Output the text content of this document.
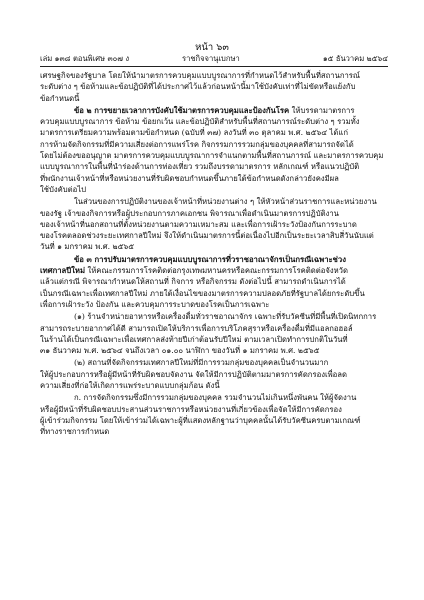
หน้า ๖๓
เล่ม ๑๓๘ ตอนพิเศษ ๓๐๗ ง	ราชกิจจานุเบกษา	๑๕ ธันวาคม ๒๕๖๔

เศรษฐกิจของรัฐบาล โดยให้นำมาตรการควบคุมแบบบูรณาการที่กำหนดไว้สำหรับพื้นที่สถานการณ์
ระดับต่าง ๆ ข้อห้ามและข้อปฏิบัติที่ได้ประกาศไว้แล้วก่อนหน้านี้มาใช้บังคับเท่าที่ไม่ขัดหรือแย้งกับ
ข้อกำหนดนี้

ข้อ ๒ การขยายเวลาการบังคับใช้มาตรการควบคุมและป้องกันโรค ให้บรรดามาตรการ
ควบคุมแบบบูรณาการ ข้อห้าม ข้อยกเว้น และข้อปฏิบัติสำหรับพื้นที่สถานการณ์ระดับต่าง ๆ รวมทั้ง
มาตรการเตรียมความพร้อมตามข้อกำหนด (ฉบับที่ ๓๗) ลงวันที่ ๓๐ ตุลาคม พ.ศ. ๒๕๖๔ ได้แก่
การห้ามจัดกิจกรรมที่มีความเสี่ยงต่อการแพร่โรค กิจกรรมการรวมกลุ่มของบุคคลที่สามารถจัดได้
โดยไม่ต้องขออนุญาต มาตรการควบคุมแบบบูรณาการจำแนกตามพื้นที่สถานการณ์ และมาตรการควบคุม
แบบบูรณาการในพื้นที่นำร่องด้านการท่องเที่ยว รวมถึงบรรดามาตรการ หลักเกณฑ์ หรือแนวปฏิบัติ
ที่พนักงานเจ้าหน้าที่หรือหน่วยงานที่รับผิดชอบกำหนดขึ้นภายใต้ข้อกำหนดดังกล่าวยังคงมีผล
ใช้บังคับต่อไป

ในส่วนของการปฏิบัติงานของเจ้าหน้าที่หน่วยงานต่าง ๆ ให้หัวหน้าส่วนราชการและหน่วยงาน
ของรัฐ เจ้าของกิจการหรือผู้ประกอบการภาคเอกชน พิจารณาเพื่อดำเนินมาตรการปฏิบัติงาน
ของเจ้าหน้าที่นอกสถานที่ตั้งหน่วยงานตามความเหมาะสม และเพื่อการเฝ้าระวังป้องกันการระบาด
ของโรคตลอดช่วงระยะเทศกาลปีใหม่ จึงให้ดำเนินมาตรการนี้ต่อเนื่องไปอีกเป็นระยะเวลาสิบสี่วันนับแต่
วันที่ ๑ มกราคม พ.ศ. ๒๕๖๕

ข้อ ๓ การปรับมาตรการควบคุมแบบบูรณาการที่วราชอาณาจักรเป็นกรณีเฉพาะช่วง
เทศกาลปีใหม่ ให้คณะกรรมการโรคติดต่อกรุงเทพมหานครหรือคณะกรรมการโรคติดต่อจังหวัด
แล้วแต่กรณี พิจารณากำหนดให้สถานที่ กิจการ หรือกิจกรรม ดังต่อไปนี้ สามารถดำเนินการได้
เป็นกรณีเฉพาะเพื่อเทศกาลปีใหม่ ภายใต้เงื่อนไขของมาตรการความปลอดภัยที่รัฐบาลได้ยกระดับขึ้น
เพื่อการเฝ้าระวัง ป้องกัน และควบคุมการระบาดของโรคเป็นการเฉพาะ

(๑) ร้านจำหน่ายอาหารหรือเครื่องดื่มทั่วราชอาณาจักร เฉพาะที่รับวัคซีนที่มีพื้นที่เปิดนิทกการ
สามารถระบายอากาศได้ดี สามารถเปิดให้บริการเพื่อการบริโภคสุราหรือเครื่องดื่มที่มีแอลกอฮอล์
ในร้านได้เป็นกรณีเฉพาะเพื่อเทศกาลส่งท้ายปีเก่าต้อนรับปีใหม่ ตามเวลาเปิดทำการปกติในวันที่
๓๑ ธันวาคม พ.ศ. ๒๕๖๔ จนถึงเวลา ๐๑.๐๐ นาฬิกา ของวันที่ ๑ มกราคม พ.ศ. ๒๕๖๕

(๒) สถานที่จัดกิจกรรมเทศกาลปีใหม่ที่มีการรวมกลุ่มของบุคคลเป็นจำนวนมาก
ให้ผู้ประกอบการหรือผู้มีหน้าที่รับผิดชอบจัดงาน จัดให้มีการปฏิบัติตามมาตรการคัดกรองเพื่อลด
ความเสี่ยงที่ก่อให้เกิดการแพร่ระบาดแบบกลุ่มก้อน ดังนี้

ก. การจัดกิจกรรมซึ่งมีการรวมกลุ่มของบุคคล รวมจำนวนไม่เกินหนึ่งพันคน ให้ผู้จัดงาน
หรือผู้มีหน้าที่รับผิดชอบประสานส่วนราชการหรือหน่วยงานที่เกี่ยวข้องเพื่อจัดให้มีการคัดกรอง
ผู้เข้าร่วมกิจกรรม โดยให้เข้าร่วมได้เฉพาะผู้ที่แสดงหลักฐานว่าบุคคลนั้นได้รับวัคซีนครบตามเกณฑ์
ที่ทางราชการกำหนด
